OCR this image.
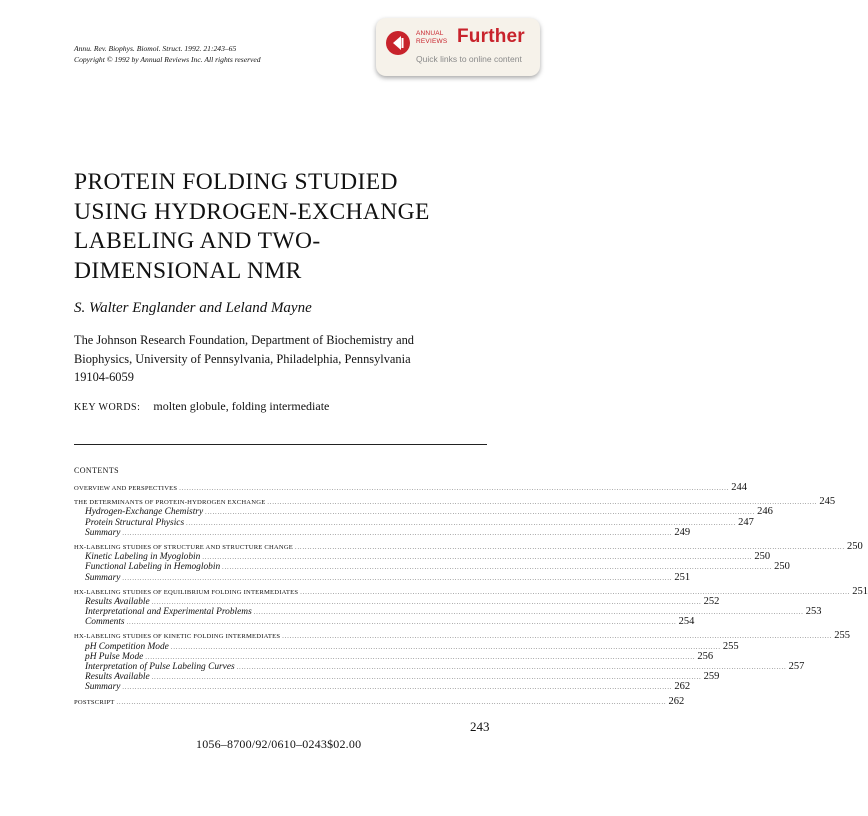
Annu. Rev. Biophys. Biomol. Struct. 1992. 21:243–65
Copyright © 1992 by Annual Reviews Inc. All rights reserved
ANNUAL
REVIEWS Further
Quick links to online content
PROTEIN FOLDING STUDIED
USING HYDROGEN-EXCHANGE
LABELING AND TWO-
DIMENSIONAL NMR
S. Walter Englander and Leland Mayne
The Johnson Research Foundation, Department of Biochemistry and
Biophysics, University of Pennsylvania, Philadelphia, Pennsylvania
19104-6059
KEY WORDS: molten globule, folding intermediate
CONTENTS
OVERVIEW AND PERSPECTIVES ............................................................................................................................................................................................................................ 244
THE DETERMINANTS OF PROTEIN-HYDROGEN EXCHANGE ............................................................................................................................................................................................................................ 245
Hydrogen-Exchange Chemistry ............................................................................................................................................................................................................................ 246
Protein Structural Physics ............................................................................................................................................................................................................................ 247
Summary ............................................................................................................................................................................................................................ 249
HX-LABELING STUDIES OF STRUCTURE AND STRUCTURE CHANGE ............................................................................................................................................................................................................................ 250
Kinetic Labeling in Myoglobin ............................................................................................................................................................................................................................ 250
Functional Labeling in Hemoglobin ............................................................................................................................................................................................................................ 250
Summary ............................................................................................................................................................................................................................ 251
HX-LABELING STUDIES OF EQUILIBRIUM FOLDING INTERMEDIATES ............................................................................................................................................................................................................................ 251
Results Available ............................................................................................................................................................................................................................ 252
Interpretational and Experimental Problems ............................................................................................................................................................................................................................ 253
Comments ............................................................................................................................................................................................................................ 254
HX-LABELING STUDIES OF KINETIC FOLDING INTERMEDIATES ............................................................................................................................................................................................................................ 255
pH Competition Mode ............................................................................................................................................................................................................................ 255
pH Pulse Mode ............................................................................................................................................................................................................................ 256
Interpretation of Pulse Labeling Curves ............................................................................................................................................................................................................................ 257
Results Available ............................................................................................................................................................................................................................ 259
Summary ............................................................................................................................................................................................................................ 262
POSTSCRIPT ............................................................................................................................................................................................................................ 262
243
1056–8700/92/0610–0243$02.00
